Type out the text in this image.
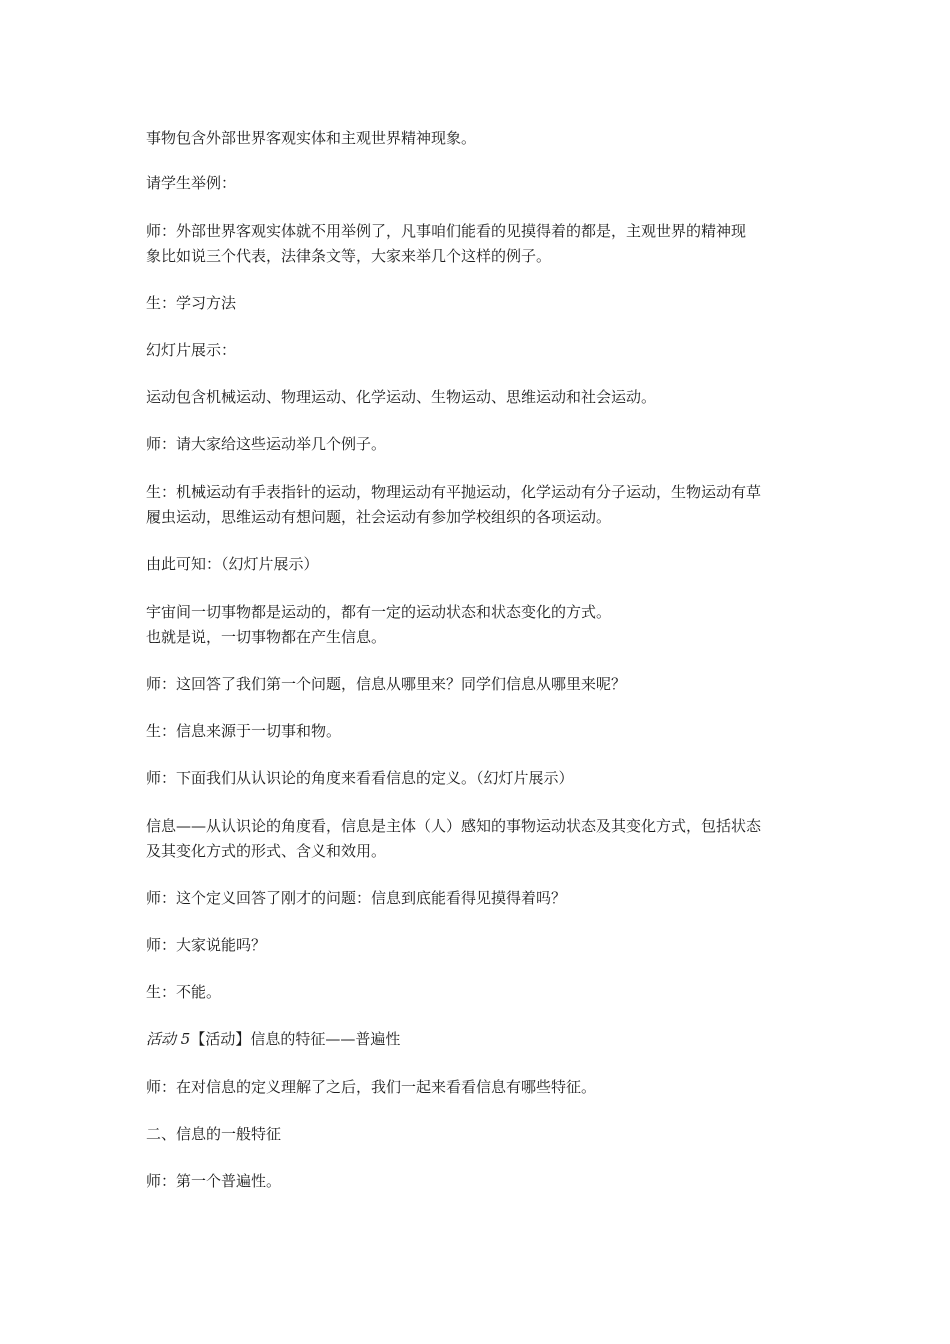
事物包含外部世界客观实体和主观世界精神现象。
请学生举例：
师：外部世界客观实体就不用举例了，凡事咱们能看的见摸得着的都是，主观世界的精神现
象比如说三个代表，法律条文等，大家来举几个这样的例子。
生：学习方法
幻灯片展示：
运动包含机械运动、物理运动、化学运动、生物运动、思维运动和社会运动。
师：请大家给这些运动举几个例子。
生：机械运动有手表指针的运动，物理运动有平抛运动，化学运动有分子运动，生物运动有草
履虫运动，思维运动有想问题，社会运动有参加学校组织的各项运动。
由此可知：（幻灯片展示）
宇宙间一切事物都是运动的，都有一定的运动状态和状态变化的方式。
也就是说，一切事物都在产生信息。
师：这回答了我们第一个问题，信息从哪里来？同学们信息从哪里来呢？
生：信息来源于一切事和物。
师：下面我们从认识论的角度来看看信息的定义。（幻灯片展示）
信息——从认识论的角度看，信息是主体（人）感知的事物运动状态及其变化方式，包括状态
及其变化方式的形式、含义和效用。
师：这个定义回答了刚才的问题：信息到底能看得见摸得着吗？
师：大家说能吗？
生：不能。
活动 5【活动】信息的特征——普遍性
师：在对信息的定义理解了之后，我们一起来看看信息有哪些特征。
二、信息的一般特征
师：第一个普遍性。
